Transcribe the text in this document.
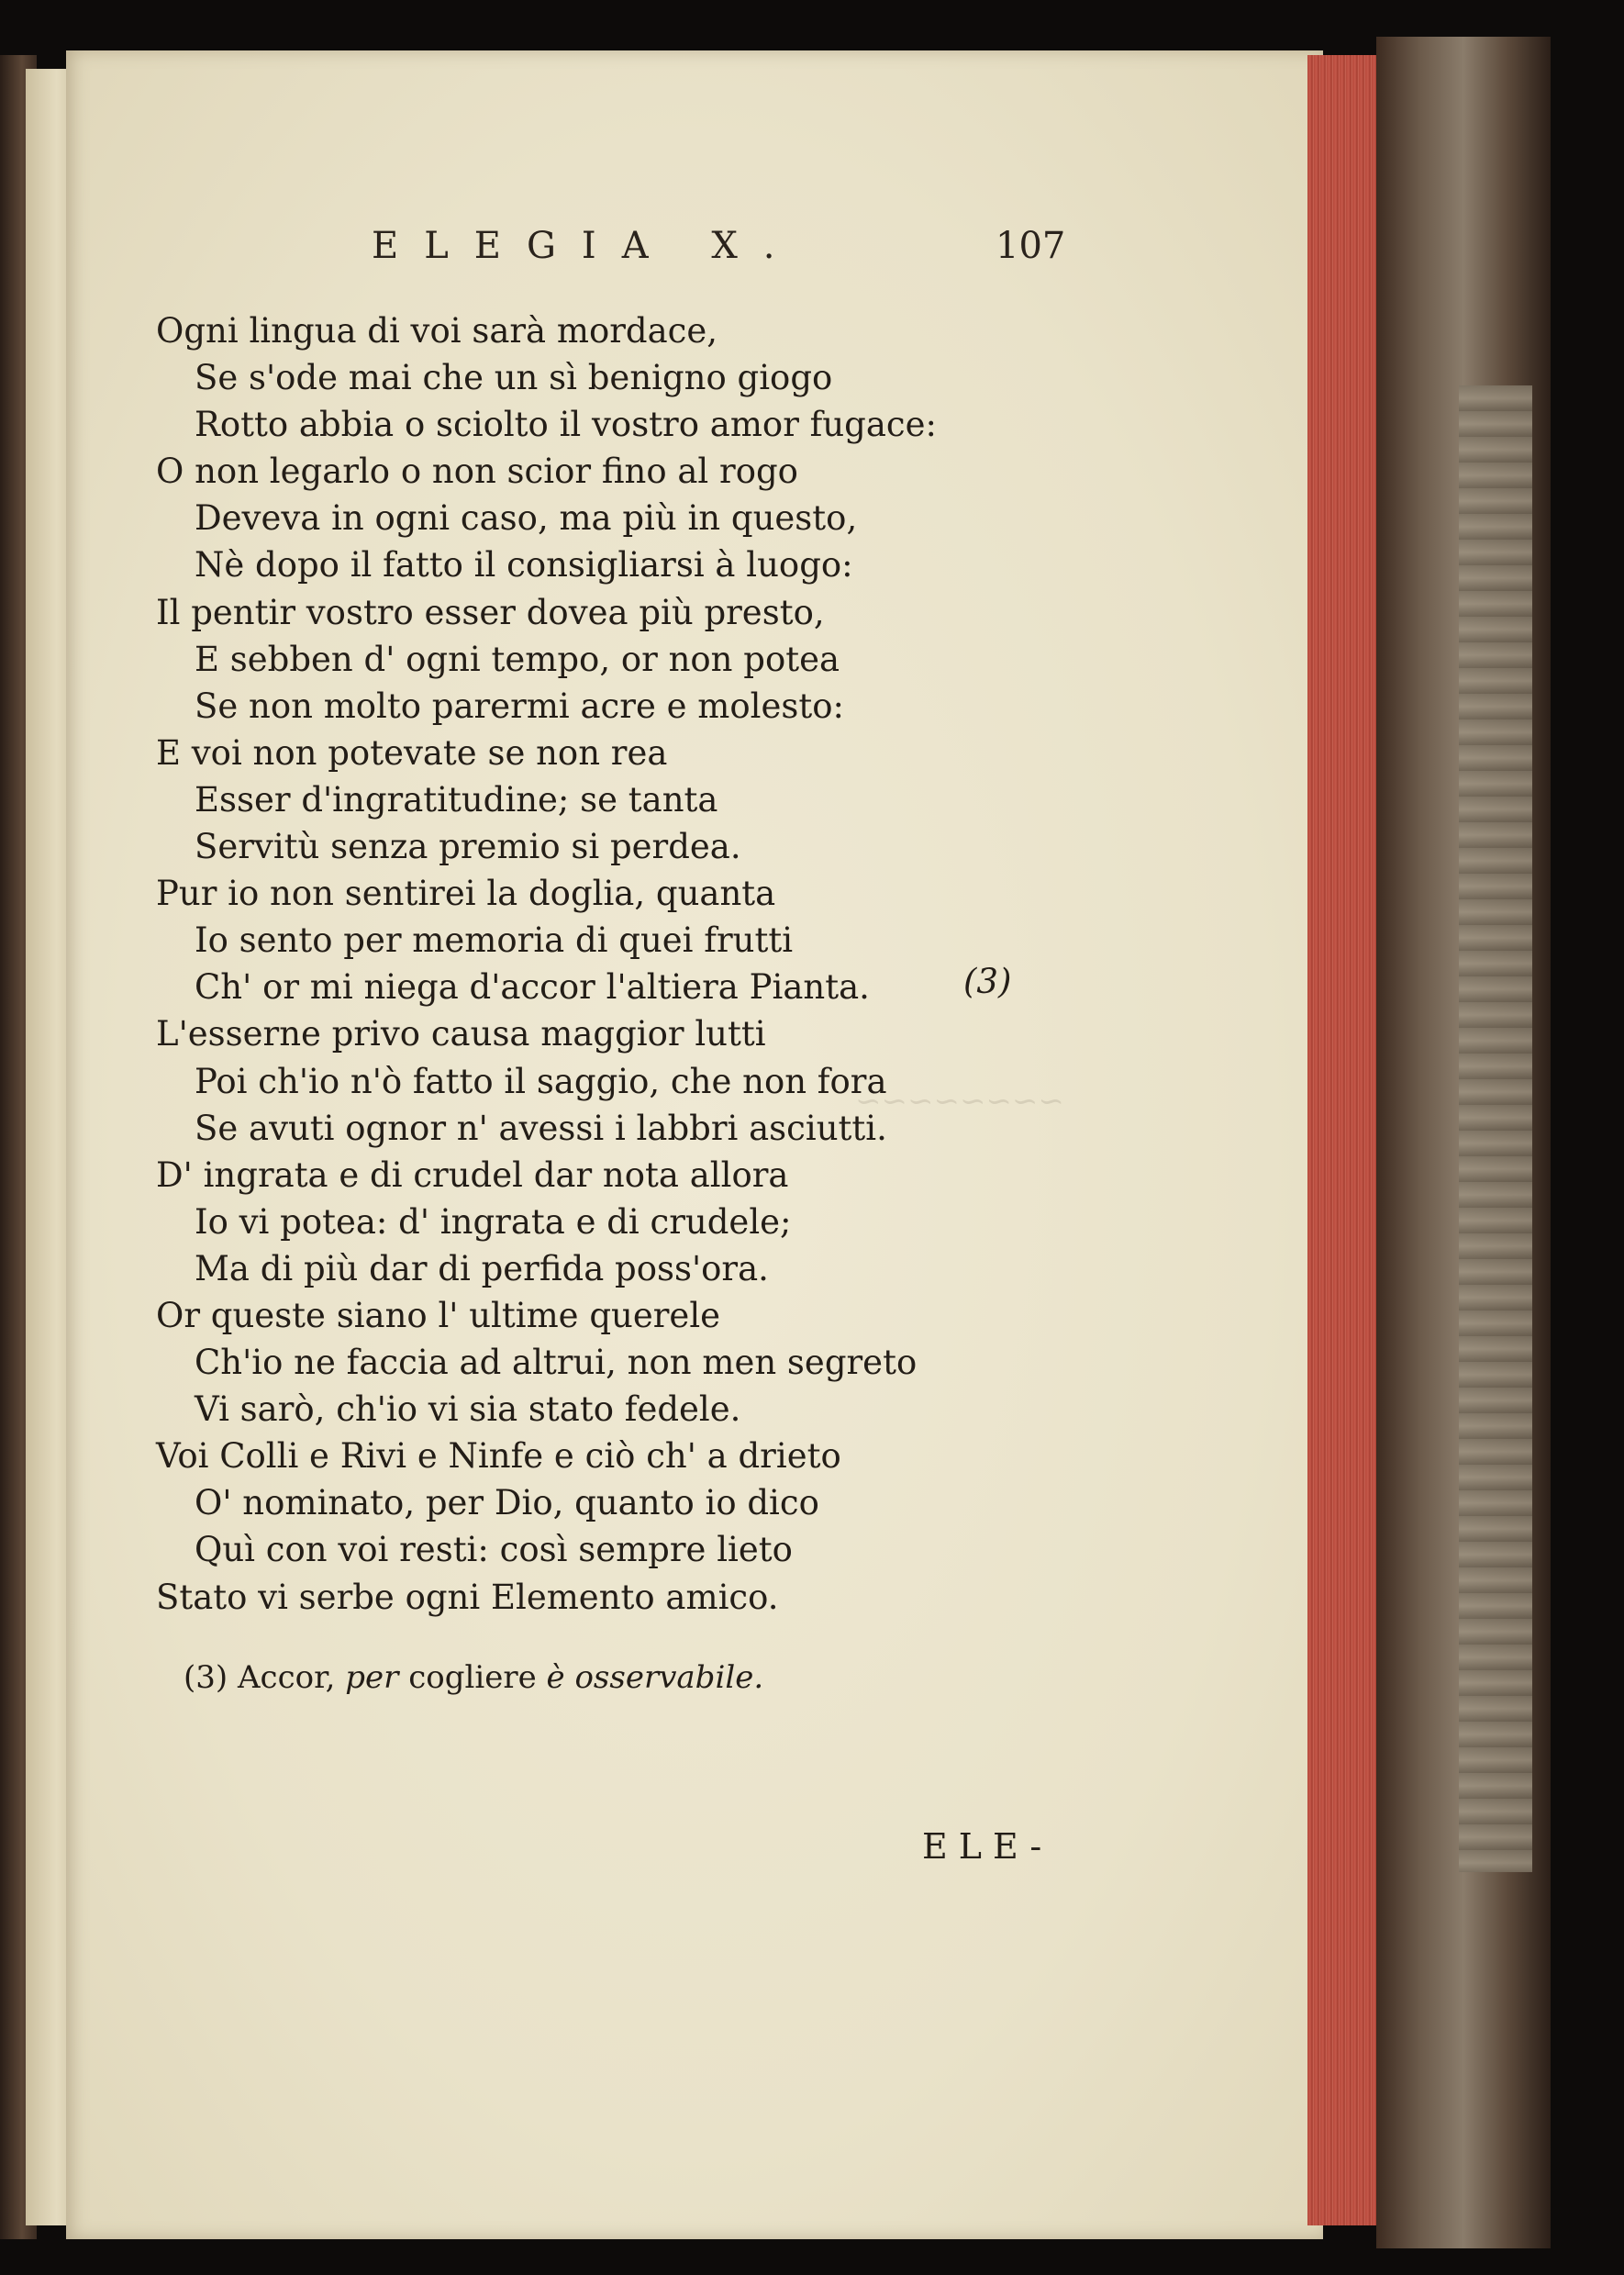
~~~~~~~~
ELEGIA X.	107
Ogni lingua di voi sarà mordace,
Se s'ode mai che un sì benigno giogo
Rotto abbia o sciolto il vostro amor fugace:
O non legarlo o non scior fino al rogo
Deveva in ogni caso, ma più in questo,
Nè dopo il fatto il consigliarsi à luogo:
Il pentir vostro esser dovea più presto,
E sebben d' ogni tempo, or non potea
Se non molto parermi acre e molesto:
E voi non potevate se non rea
Esser d'ingratitudine; se tanta
Servitù senza premio si perdea.
Pur io non sentirei la doglia, quanta
Io sento per memoria di quei frutti
Ch' or mi niega d'accor l'altiera Pianta.
L'esserne privo causa maggior lutti
Poi ch'io n'ò fatto il saggio, che non fora
Se avuti ognor n' avessi i labbri asciutti.
D' ingrata e di crudel dar nota allora
Io vi potea: d' ingrata e di crudele;
Ma di più dar di perfida poss'ora.
Or queste siano l' ultime querele
Ch'io ne faccia ad altrui, non men segreto
Vi sarò, ch'io vi sia stato fedele.
Voi Colli e Rivi e Ninfe e ciò ch' a drieto
O' nominato, per Dio, quanto io dico
Quì con voi resti: così sempre lieto
Stato vi serbe ogni Elemento amico.
(3)
(3) Accor, per cogliere è osservabile.
ELE-
